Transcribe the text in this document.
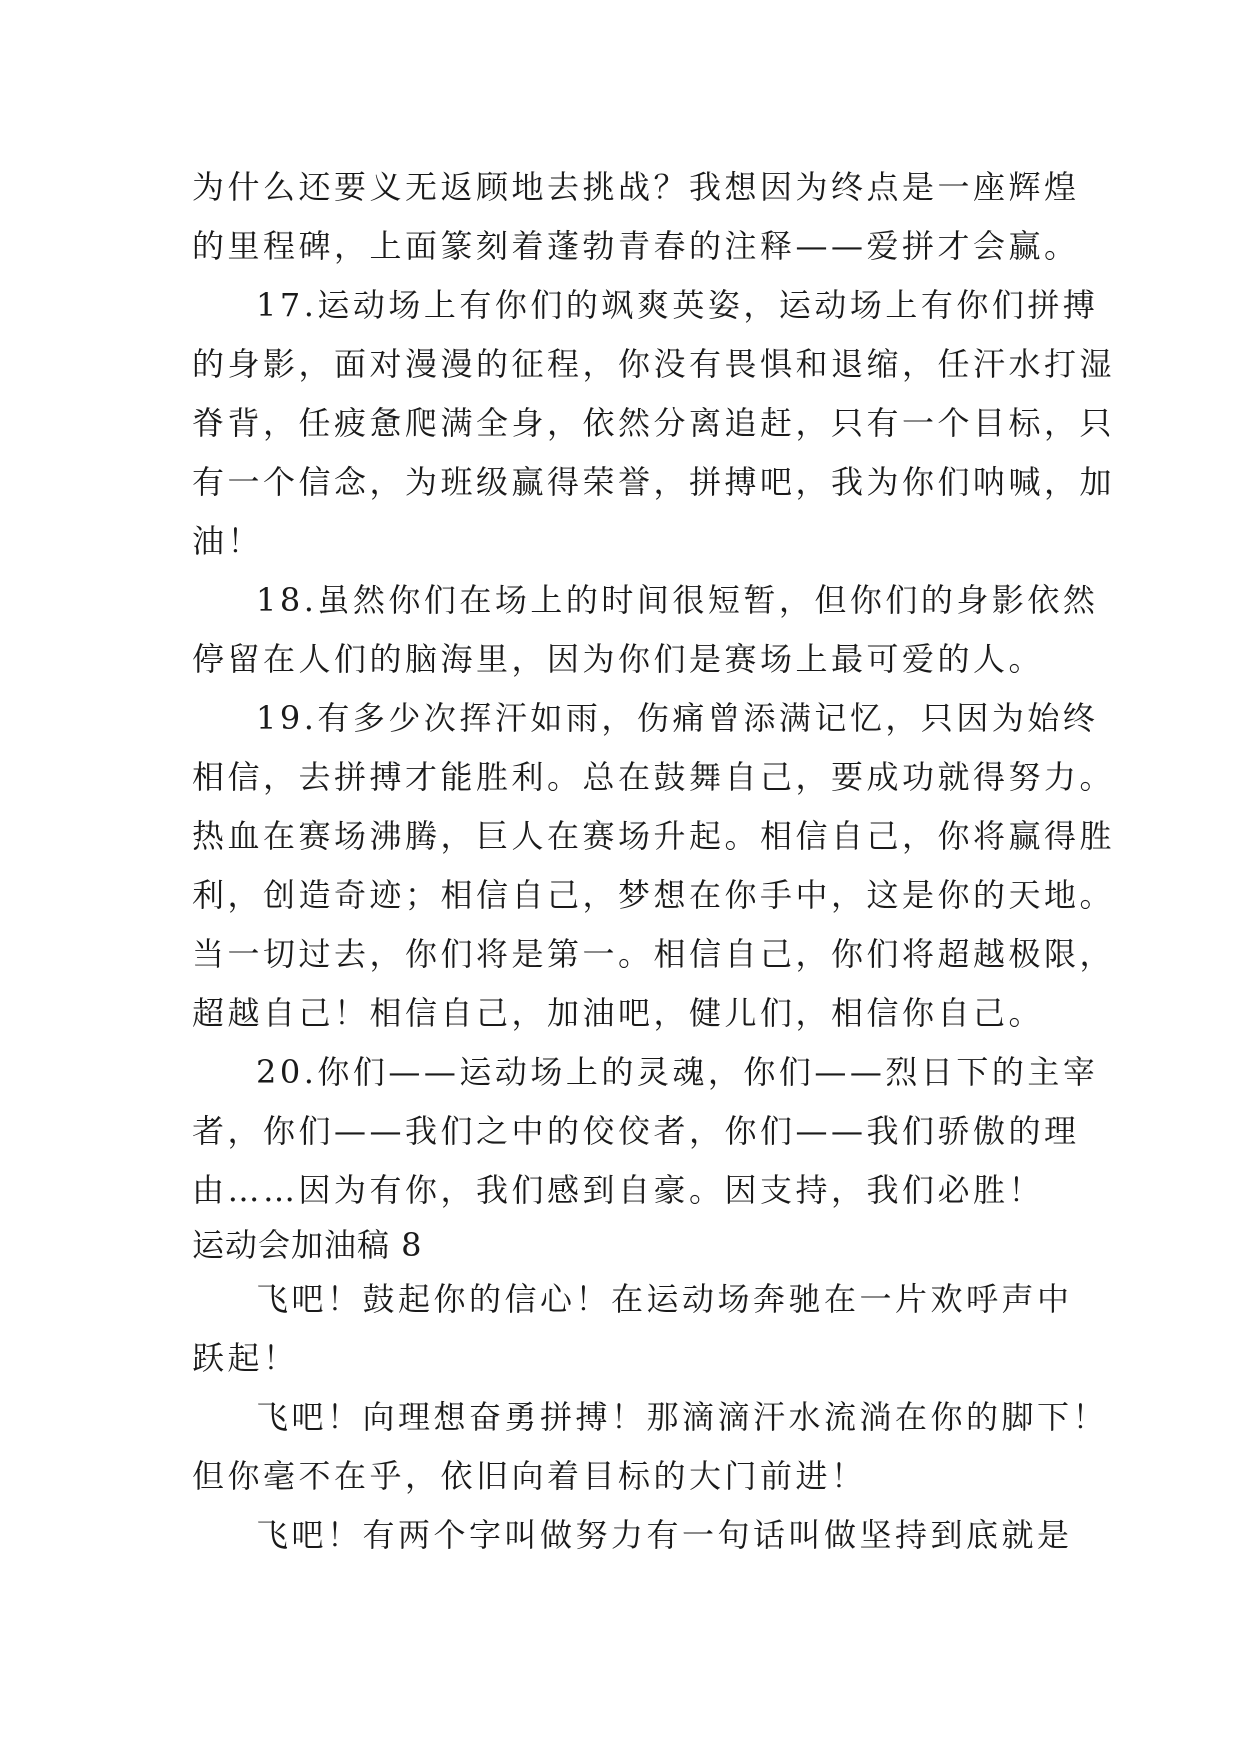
为什么还要义无返顾地去挑战？我想因为终点是一座辉煌
的里程碑，上面篆刻着蓬勃青春的注释——爱拼才会赢。
17.运动场上有你们的飒爽英姿，运动场上有你们拼搏
的身影，面对漫漫的征程，你没有畏惧和退缩，任汗水打湿
脊背，任疲惫爬满全身，依然分离追赶，只有一个目标，只
有一个信念，为班级赢得荣誉，拼搏吧，我为你们呐喊，加
油！
18.虽然你们在场上的时间很短暂，但你们的身影依然
停留在人们的脑海里，因为你们是赛场上最可爱的人。
19.有多少次挥汗如雨，伤痛曾添满记忆，只因为始终
相信，去拼搏才能胜利。总在鼓舞自己，要成功就得努力。
热血在赛场沸腾，巨人在赛场升起。相信自己，你将赢得胜
利，创造奇迹；相信自己，梦想在你手中，这是你的天地。
当一切过去，你们将是第一。相信自己，你们将超越极限，
超越自己！相信自己，加油吧，健儿们，相信你自己。
20.你们——运动场上的灵魂，你们——烈日下的主宰
者，你们——我们之中的佼佼者，你们——我们骄傲的理
由……因为有你，我们感到自豪。因支持，我们必胜！
运动会加油稿 8
飞吧！鼓起你的信心！在运动场奔驰在一片欢呼声中
跃起！
飞吧！向理想奋勇拼搏！那滴滴汗水流淌在你的脚下！
但你毫不在乎，依旧向着目标的大门前进！
飞吧！有两个字叫做努力有一句话叫做坚持到底就是
